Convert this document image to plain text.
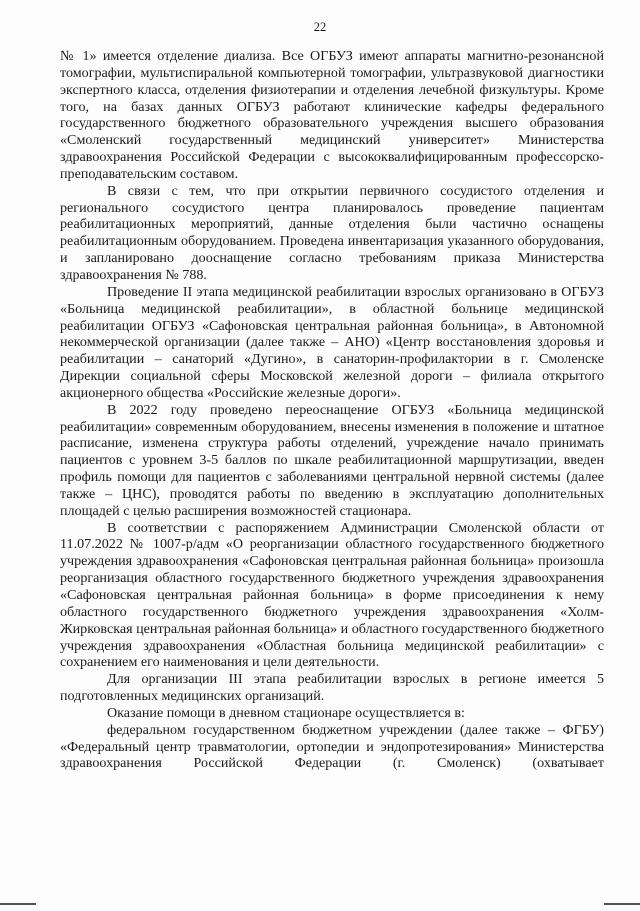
22

№ 1» имеется отделение диализа. Все ОГБУЗ имеют аппараты магнитно-резонансной томографии, мультиспиральной компьютерной томографии, ультразвуковой диагностики экспертного класса, отделения физиотерапии и отделения лечебной физкультуры. Кроме того, на базах данных ОГБУЗ работают клинические кафедры федерального государственного бюджетного образовательного учреждения высшего образования «Смоленский государственный медицинский университет» Министерства здравоохранения Российской Федерации с высококвалифицированным профессорско-преподавательским составом.

В связи с тем, что при открытии первичного сосудистого отделения и регионального сосудистого центра планировалось проведение пациентам реабилитационных мероприятий, данные отделения были частично оснащены реабилитационным оборудованием. Проведена инвентаризация указанного оборудования, и запланировано дооснащение согласно требованиям приказа Министерства здравоохранения № 788.

Проведение II этапа медицинской реабилитации взрослых организовано в ОГБУЗ «Больница медицинской реабилитации», в областной больнице медицинской реабилитации ОГБУЗ «Сафоновская центральная районная больница», в Автономной некоммерческой организации (далее также – АНО) «Центр восстановления здоровья и реабилитации – санаторий «Дугино», в санаторин-профилактории в г. Смоленске Дирекции социальной сферы Московской железной дороги – филиала открытого акционерного общества «Российские железные дороги».

В 2022 году проведено переоснащение ОГБУЗ «Больница медицинской реабилитации» современным оборудованием, внесены изменения в положение и штатное расписание, изменена структура работы отделений, учреждение начало принимать пациентов с уровнем 3-5 баллов по шкале реабилитационной маршрутизации, введен профиль помощи для пациентов с заболеваниями центральной нервной системы (далее также – ЦНС), проводятся работы по введению в эксплуатацию дополнительных площадей с целью расширения возможностей стационара.

В соответствии с распоряжением Администрации Смоленской области от 11.07.2022 № 1007-р/адм «О реорганизации областного государственного бюджетного учреждения здравоохранения «Сафоновская центральная районная больница» произошла реорганизация областного государственного бюджетного учреждения здравоохранения «Сафоновская центральная районная больница» в форме присоединения к нему областного государственного бюджетного учреждения здравоохранения «Холм-Жирковская центральная районная больница» и областного государственного бюджетного учреждения здравоохранения «Областная больница медицинской реабилитации» с сохранением его наименования и цели деятельности.

Для организации III этапа реабилитации взрослых в регионе имеется 5 подготовленных медицинских организаций.

Оказание помощи в дневном стационаре осуществляется в:

федеральном государственном бюджетном учреждении (далее также – ФГБУ) «Федеральный центр травматологии, ортопедии и эндопротезирования» Министерства здравоохранения Российской Федерации (г. Смоленск) (охватывает
